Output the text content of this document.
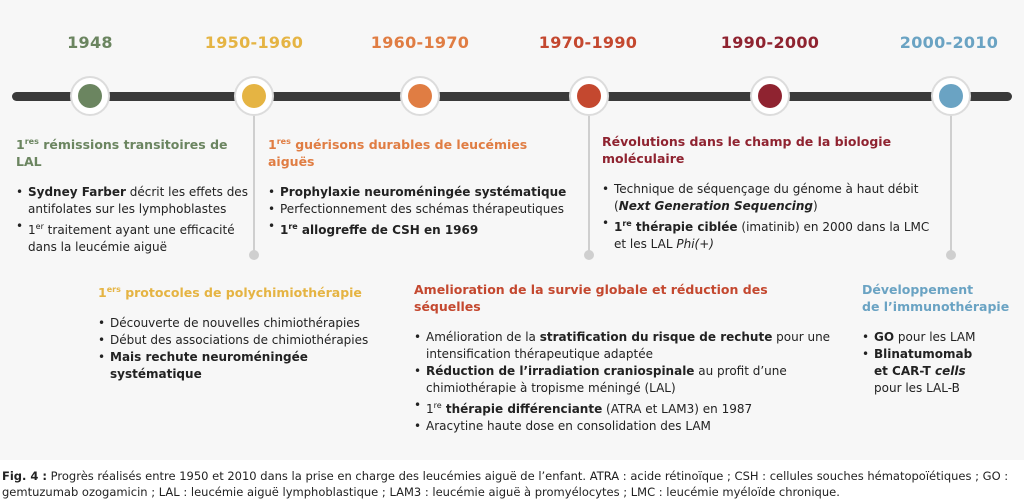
1948	1950-1960	1960-1970	1970-1990	1990-2000	2000-2010
1res rémissions transitoires de LAL
• Sydney Farber décrit les effets des antifolates sur les lymphoblastes
• 1er traitement ayant une efficacité dans la leucémie aiguë
1res guérisons durables de leucémies aiguës
• Prophylaxie neuroméningée systématique
• Perfectionnement des schémas thérapeutiques
• 1re allogreffe de CSH en 1969
Révolutions dans le champ de la biologie moléculaire
• Technique de séquençage du génome à haut débit (Next Generation Sequencing)
• 1re thérapie ciblée (imatinib) en 2000 dans la LMC et les LAL Phi(+)
1ers protocoles de polychimiothérapie
• Découverte de nouvelles chimiothérapies
• Début des associations de chimiothérapies
• Mais rechute neuroméningée systématique
Amelioration de la survie globale et réduction des séquelles
• Amélioration de la stratification du risque de rechute pour une intensification thérapeutique adaptée
• Réduction de l’irradiation craniospinale au profit d’une chimiothérapie à tropisme méningé (LAL)
• 1re thérapie différenciante (ATRA et LAM3) en 1987
• Aracytine haute dose en consolidation des LAM
Développement
de l’immunothérapie
• GO pour les LAM
• Blinatumomab
et CAR-T cells
pour les LAL-B
Fig. 4 : Progrès réalisés entre 1950 et 2010 dans la prise en charge des leucémies aiguë de l’enfant. ATRA : acide rétinoïque ; CSH : cellules souches hématopoïétiques ; GO : gemtuzumab ozogamicin ; LAL : leucémie aiguë lymphoblastique ; LAM3 : leucémie aiguë à promyélocytes ; LMC : leucémie myéloïde chronique.
